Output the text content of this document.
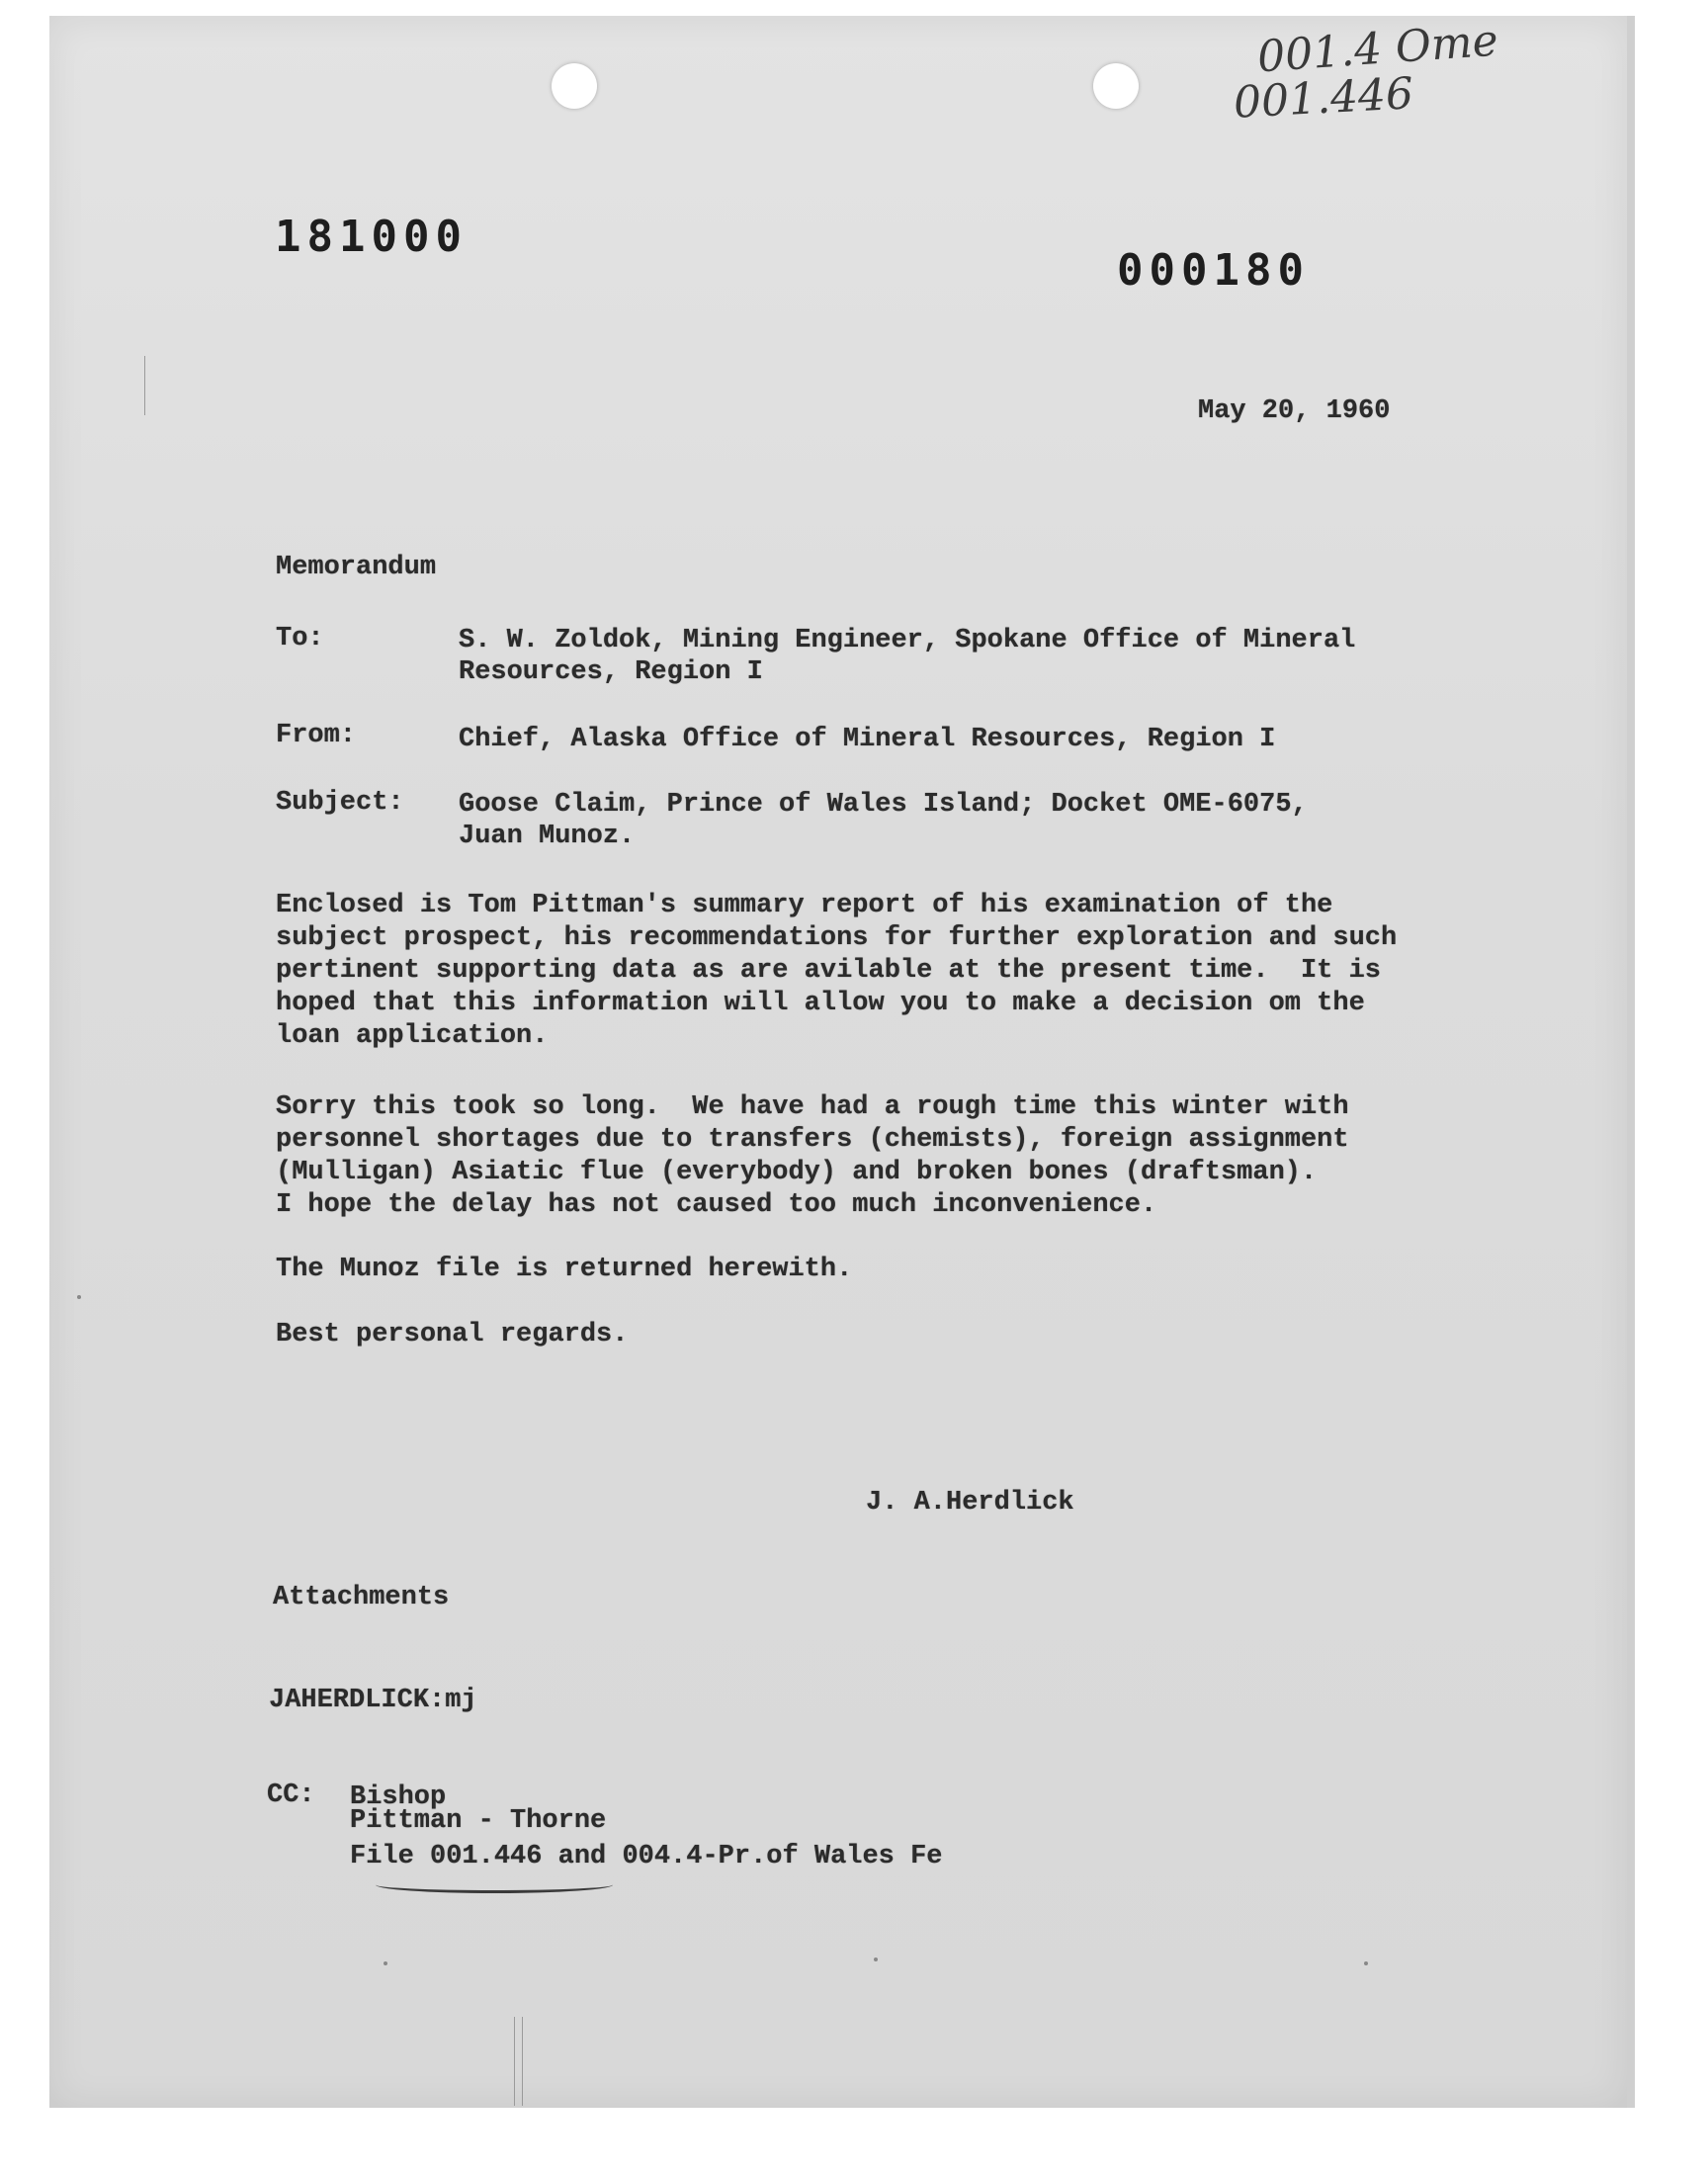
001.4 Ome
001.446
181000
000180
May 20, 1960
Memorandum
To:	S. W. Zoldok, Mining Engineer, Spokane Office of Mineral
Resources, Region I
From:	Chief, Alaska Office of Mineral Resources, Region I
Subject: Goose Claim, Prince of Wales Island; Docket OME-6075,
Juan Munoz.
Enclosed is Tom Pittman's summary report of his examination of the
subject prospect, his recommendations for further exploration and such
pertinent supporting data as are avilable at the present time.  It is
hoped that this information will allow you to make a decision om the
loan application.
Sorry this took so long.  We have had a rough time this winter with
personnel shortages due to transfers (chemists), foreign assignment
(Mulligan) Asiatic flue (everybody) and broken bones (draftsman).
I hope the delay has not caused too much inconvenience.
The Munoz file is returned herewith.
Best personal regards.
J. A.Herdlick
Attachments
JAHERDLICK:mj
CC: Bishop
Pittman - Thorne
File 001.446 and 004.4-Pr.of Wales Fe
